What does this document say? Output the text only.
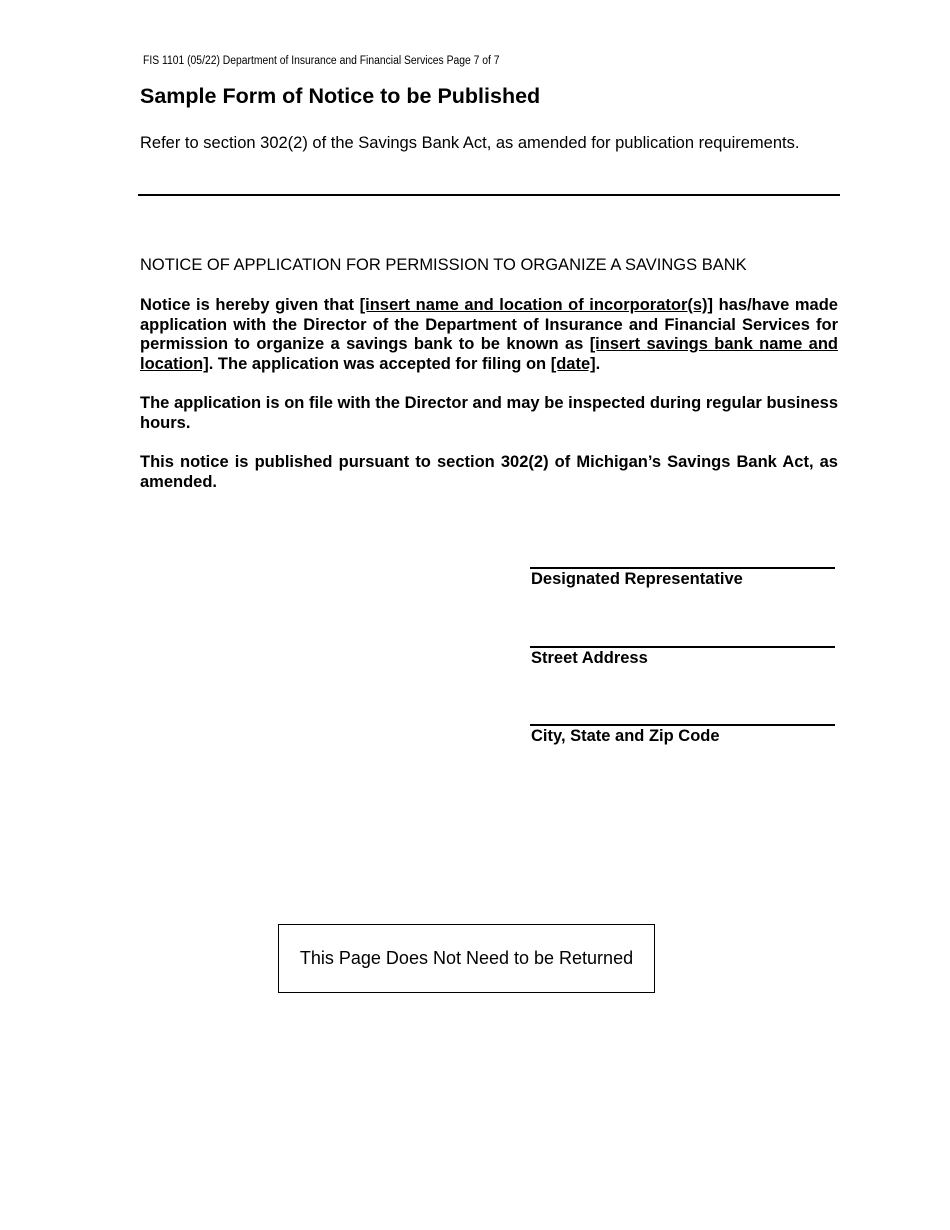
FIS 1101 (05/22) Department of Insurance and Financial Services Page 7 of 7
Sample Form of Notice to be Published
Refer to section 302(2) of the Savings Bank Act, as amended for publication requirements.
NOTICE OF APPLICATION FOR PERMISSION TO ORGANIZE A SAVINGS BANK

Notice is hereby given that [insert name and location of incorporator(s)] has/have made application with the Director of the Department of Insurance and Financial Services for permission to organize a savings bank to be known as [insert savings bank name and location]. The application was accepted for filing on [date].

The application is on file with the Director and may be inspected during regular business hours.

This notice is published pursuant to section 302(2) of Michigan’s Savings Bank Act, as amended.

Designated Representative
Street Address
City, State and Zip Code
This Page Does Not Need to be Returned
